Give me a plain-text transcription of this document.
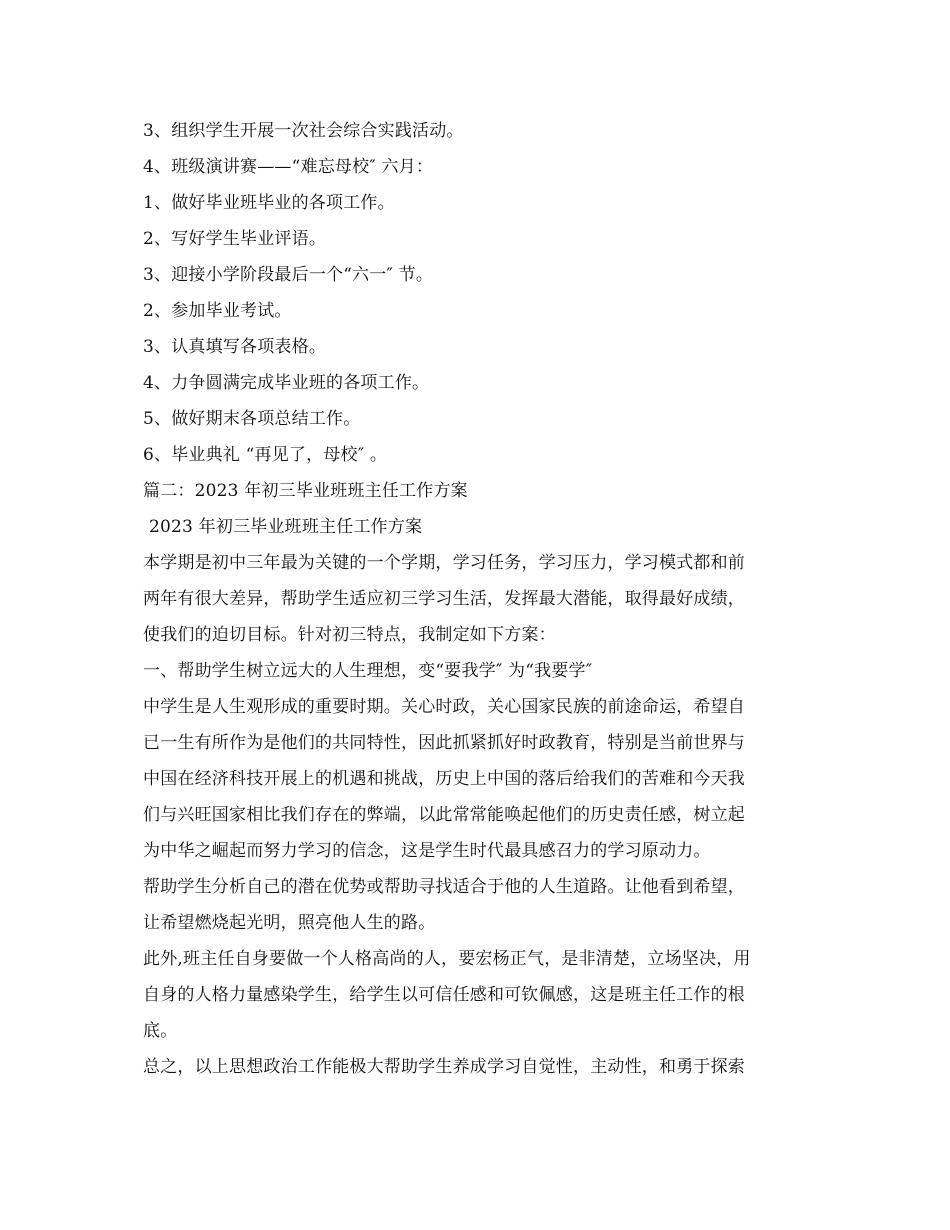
3、组织学生开展一次社会综合实践活动。
4、班级演讲赛——“难忘母校″ 六月：
1、做好毕业班毕业的各项工作。
2、写好学生毕业评语。
3、迎接小学阶段最后一个“六一″ 节。
2、参加毕业考试。
3、认真填写各项表格。
4、力争圆满完成毕业班的各项工作。
5、做好期末各项总结工作。
6、毕业典礼 “再见了，母校″ 。
篇二：2023 年初三毕业班班主任工作方案
2023 年初三毕业班班主任工作方案
本学期是初中三年最为关键的一个学期，学习任务，学习压力，学习模式都和前
两年有很大差异，帮助学生适应初三学习生活，发挥最大潜能，取得最好成绩，
使我们的迫切目标。针对初三特点，我制定如下方案：
一、帮助学生树立远大的人生理想，变“要我学″ 为“我要学″
中学生是人生观形成的重要时期。关心时政，关心国家民族的前途命运，希望自
已一生有所作为是他们的共同特性，因此抓紧抓好时政教育，特别是当前世界与
中国在经济科技开展上的机遇和挑战，历史上中国的落后给我们的苦难和今天我
们与兴旺国家相比我们存在的弊端，以此常常能唤起他们的历史责任感，树立起
为中华之崛起而努力学习的信念，这是学生时代最具感召力的学习原动力。
帮助学生分析自己的潜在优势或帮助寻找适合于他的人生道路。让他看到希望，
让希望燃烧起光明，照亮他人生的路。
此外,班主任自身要做一个人格高尚的人，要宏杨正气，是非清楚，立场坚决，用
自身的人格力量感染学生，给学生以可信任感和可钦佩感，这是班主任工作的根
底。
总之，以上思想政治工作能极大帮助学生养成学习自觉性，主动性，和勇于探索
